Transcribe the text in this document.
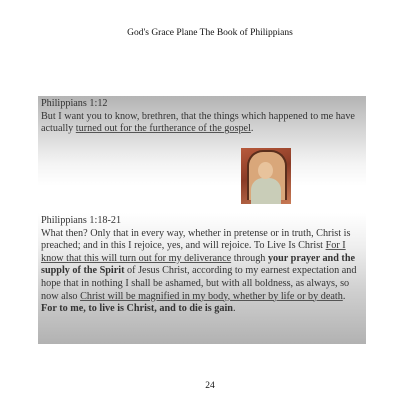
God's Grace Plane The Book of Philippians
Philippians 1:12
But I want you to know, brethren, that the things which happened to me have actually turned out for the furtherance of the gospel.
Philippians 1:18-21
What then? Only that in every way, whether in pretense or in truth, Christ is preached; and in this I rejoice, yes, and will rejoice. To Live Is Christ For I know that this will turn out for my deliverance through your prayer and the supply of the Spirit of Jesus Christ, according to my earnest expectation and hope that in nothing I shall be ashamed, but with all boldness, as always, so now also Christ will be magnified in my body, whether by life or by death. For to me, to live is Christ, and to die is gain.
24
